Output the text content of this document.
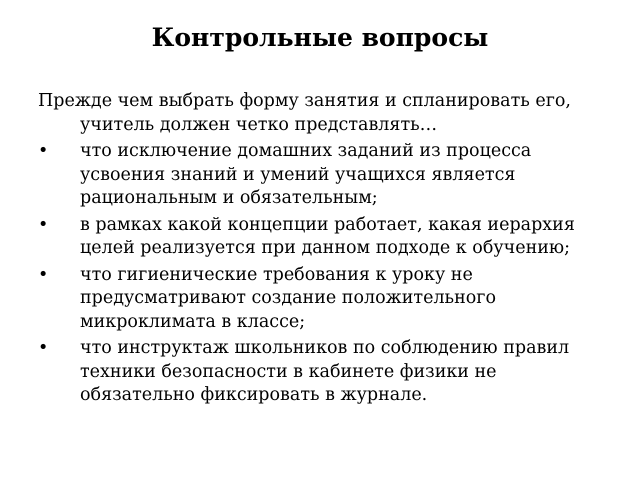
Контрольные вопросы

Прежде чем выбрать форму занятия и спланировать его, учитель должен четко представлять…

• что исключение домашних заданий из процесса усвоения знаний и умений учащихся является рациональным и обязательным;
• в рамках какой концепции работает, какая иерархия целей реализуется при данном подходе к обучению;
• что гигиенические требования к уроку не предусматривают создание положительного микроклимата в классе;
• что инструктаж школьников по соблюдению правил техники безопасности в кабинете физики не обязательно фиксировать в журнале.
